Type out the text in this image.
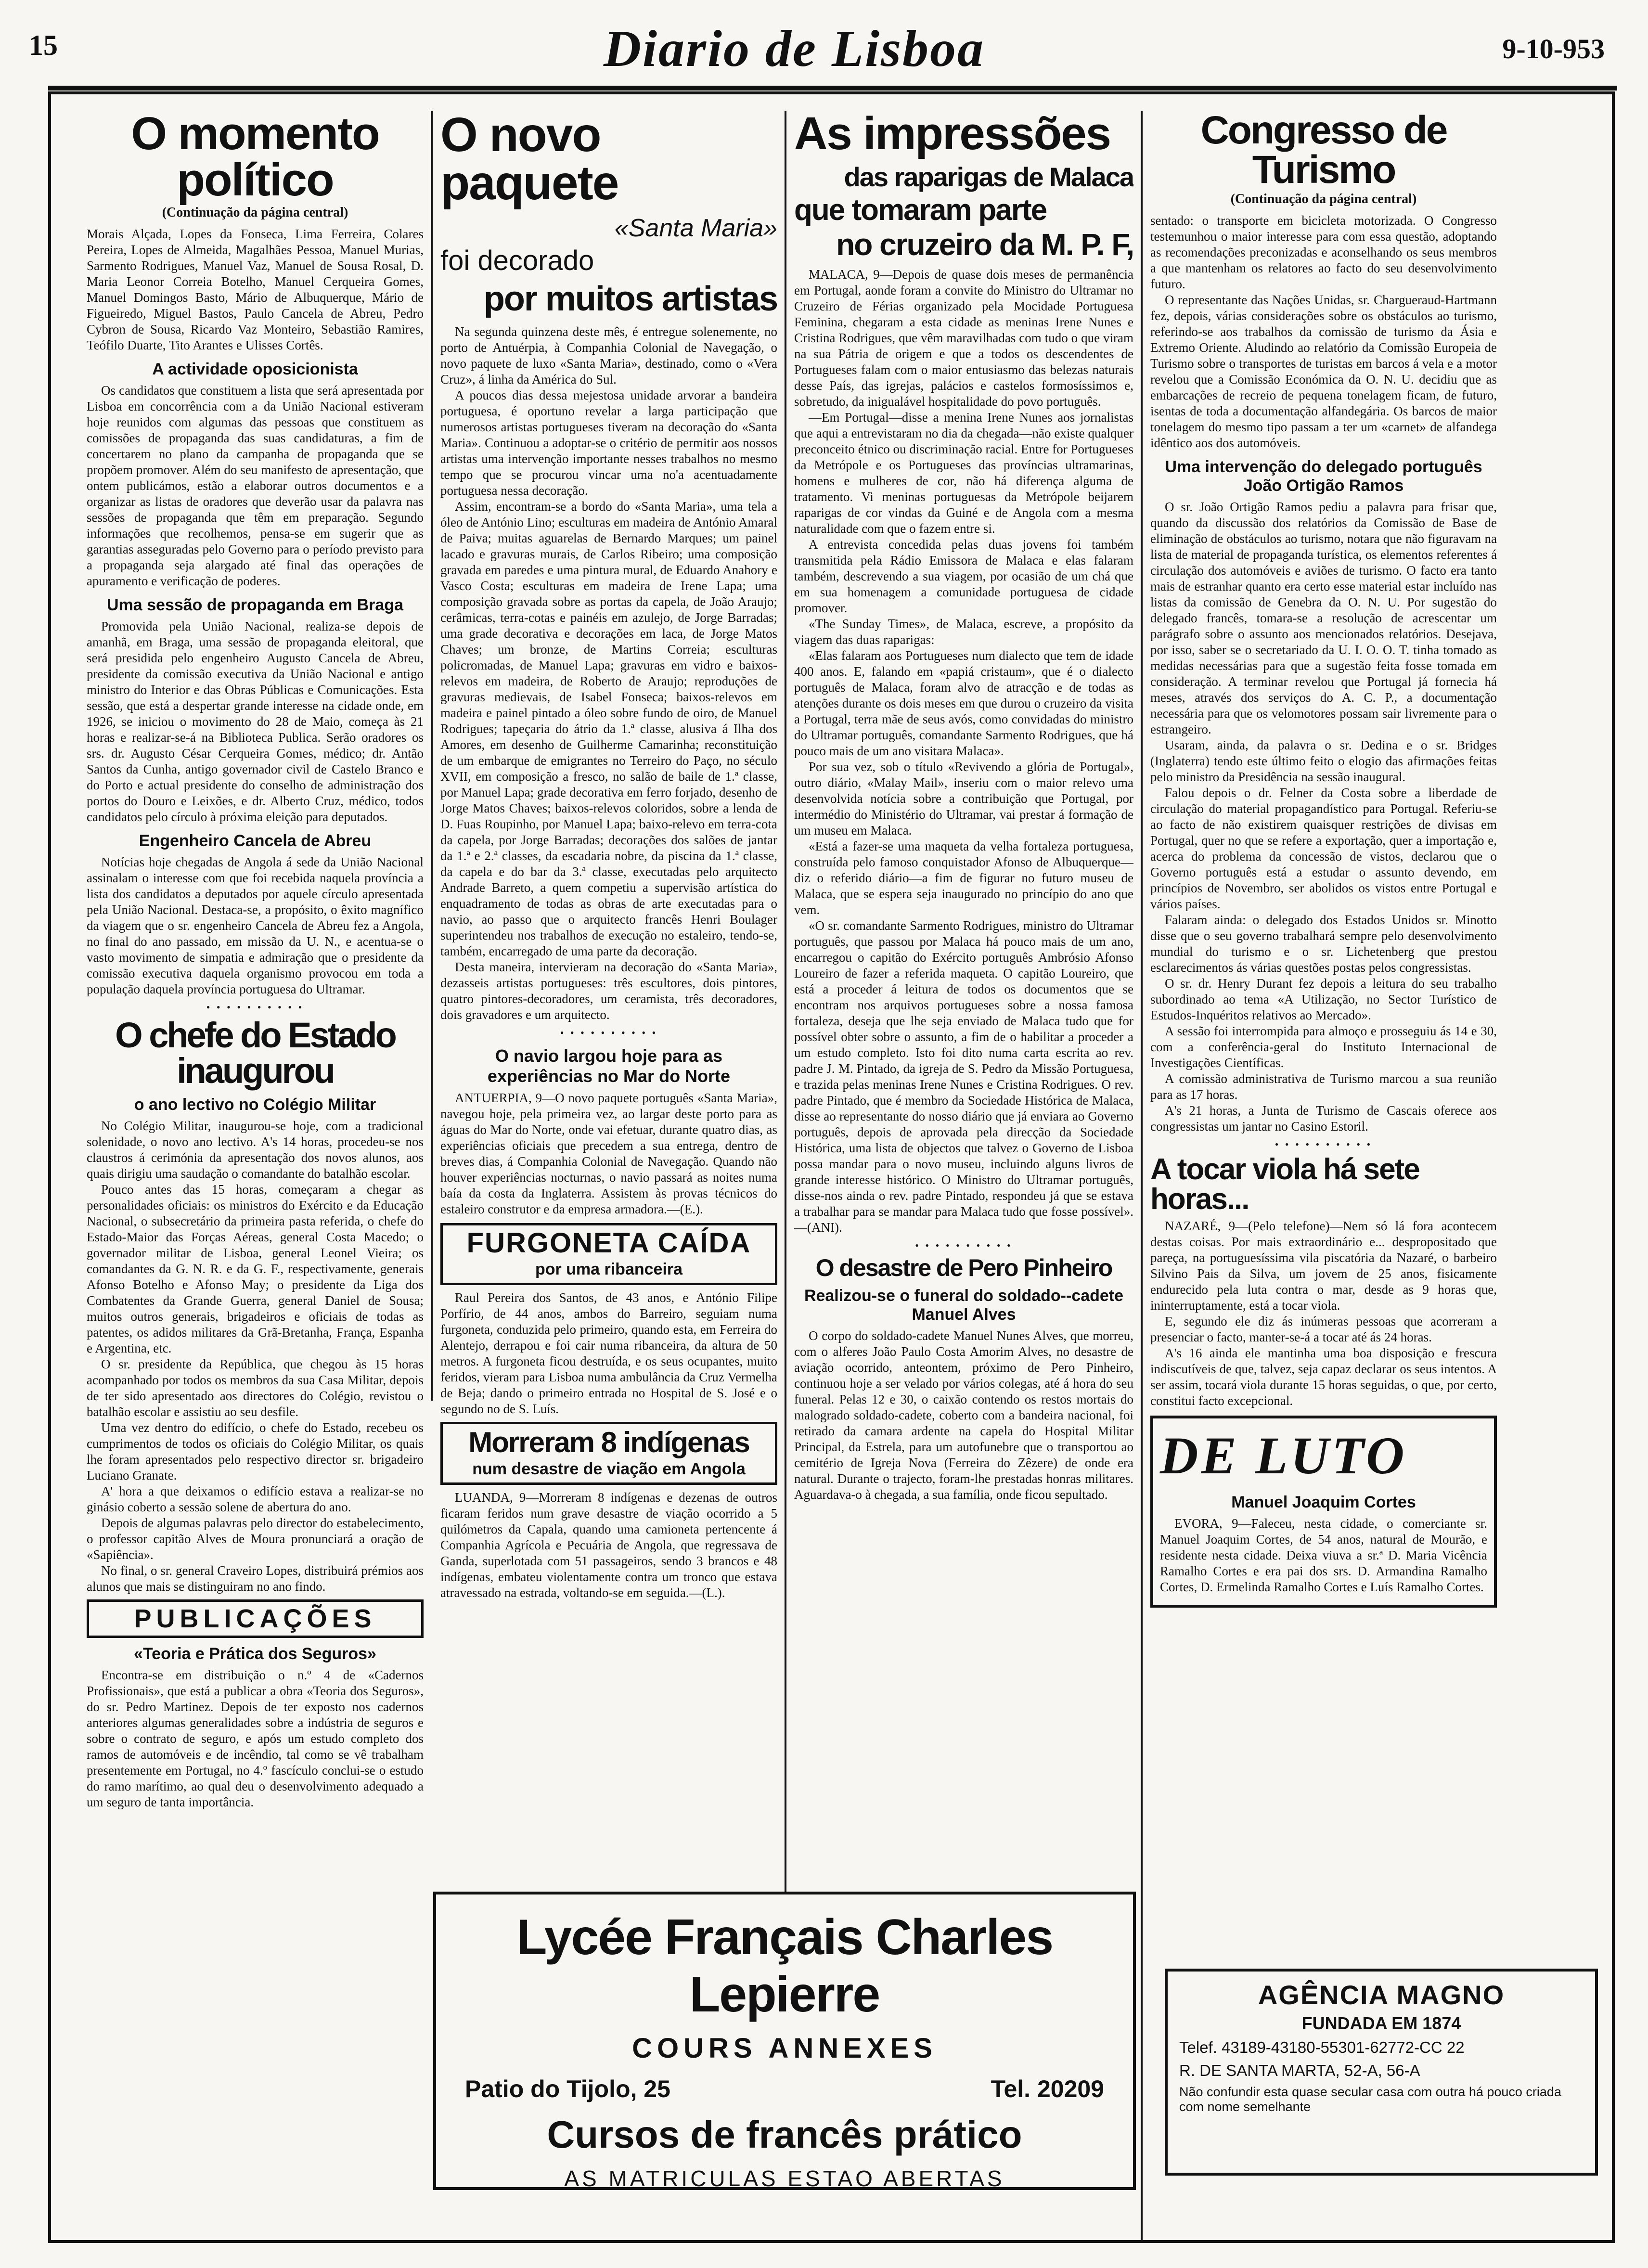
15	Diario de Lisboa	9-10-953
O momento político
(Continuação da página central)

Morais Alçada, Lopes da Fonseca, Lima Ferreira, Colares Pereira, Lopes de Almeida, Magalhães Pessoa, Manuel Murias, Sarmento Rodrigues, Manuel Vaz, Manuel de Sousa Rosal, D. Maria Leonor Correia Botelho, Manuel Cerqueira Gomes, Manuel Domingos Basto, Mário de Albuquerque, Mário de Figueiredo, Miguel Bastos, Paulo Cancela de Abreu, Pedro Cybron de Sousa, Ricardo Vaz Monteiro, Sebastião Ramires, Teófilo Duarte, Tito Arantes e Ulisses Cortês.

A actividade oposicionista

Os candidatos que constituem a lista que será apresentada por Lisboa em concorrência com a da União Nacional estiveram hoje reunidos com algumas das pessoas que constituem as comissões de propaganda das suas candidaturas, a fim de concertarem no plano da campanha de propaganda que se propõem promover. Além do seu manifesto de apresentação, que ontem publicámos, estão a elaborar outros documentos e a organizar as listas de oradores que deverão usar da palavra nas sessões de propaganda que têm em preparação. Segundo informações que recolhemos, pensa-se em sugerir que as garantias asseguradas pelo Governo para o período previsto para a propaganda seja alargado até final das operações de apuramento e verificação de poderes.

Uma sessão de propaganda em Braga

Promovida pela União Nacional, realiza-se depois de amanhã, em Braga, uma sessão de propaganda eleitoral, que será presidida pelo engenheiro Augusto Cancela de Abreu, presidente da comissão executiva da União Nacional e antigo ministro do Interior e das Obras Públicas e Comunicações. Esta sessão, que está a despertar grande interesse na cidade onde, em 1926, se iniciou o movimento do 28 de Maio, começa às 21 horas e realizar-se-á na Biblioteca Publica. Serão oradores os srs. dr. Augusto César Cerqueira Gomes, médico; dr. Antão Santos da Cunha, antigo governador civil de Castelo Branco e do Porto e actual presidente do conselho de administração dos portos do Douro e Leixões, e dr. Alberto Cruz, médico, todos candidatos pelo círculo à próxima eleição para deputados.

Engenheiro Cancela de Abreu

Notícias hoje chegadas de Angola á sede da União Nacional assinalam o interesse com que foi recebida naquela província a lista dos candidatos a deputados por aquele círculo apresentada pela União Nacional. Destaca-se, a propósito, o êxito magnífico da viagem que o sr. engenheiro Cancela de Abreu fez a Angola, no final do ano passado, em missão da U. N., e acentua-se o vasto movimento de simpatia e admiração que o presidente da comissão executiva daquela organismo provocou em toda a população daquela província portuguesa do Ultramar.

• • • • • • • • • •
O chefe do Estado inaugurou
o ano lectivo no Colégio Militar

No Colégio Militar, inaugurou-se hoje, com a tradicional solenidade, o novo ano lectivo. A's 14 horas, procedeu-se nos claustros á cerimónia da apresentação dos novos alunos, aos quais dirigiu uma saudação o comandante do batalhão escolar.

Pouco antes das 15 horas, começaram a chegar as personalidades oficiais: os ministros do Exército e da Educação Nacional, o subsecretário da primeira pasta referida, o chefe do Estado-Maior das Forças Aéreas, general Costa Macedo; o governador militar de Lisboa, general Leonel Vieira; os comandantes da G. N. R. e da G. F., respectivamente, generais Afonso Botelho e Afonso May; o presidente da Liga dos Combatentes da Grande Guerra, general Daniel de Sousa; muitos outros generais, brigadeiros e oficiais de todas as patentes, os adidos militares da Grã-Bretanha, França, Espanha e Argentina, etc.

O sr. presidente da República, que chegou às 15 horas acompanhado por todos os membros da sua Casa Militar, depois de ter sido apresentado aos directores do Colégio, revistou o batalhão escolar e assistiu ao seu desfile.

Uma vez dentro do edifício, o chefe do Estado, recebeu os cumprimentos de todos os oficiais do Colégio Militar, os quais lhe foram apresentados pelo respectivo director sr. brigadeiro Luciano Granate.

A' hora a que deixamos o edifício estava a realizar-se no ginásio coberto a sessão solene de abertura do ano.

Depois de algumas palavras pelo director do estabelecimento, o professor capitão Alves de Moura pronunciará a oração de «Sapiência».

No final, o sr. general Craveiro Lopes, distribuirá prémios aos alunos que mais se distinguiram no ano findo.

PUBLICAÇÕES
«Teoria e Prática dos Seguros»

Encontra-se em distribuição o n.º 4 de «Cadernos Profissionais», que está a publicar a obra «Teoria dos Seguros», do sr. Pedro Martinez. Depois de ter exposto nos cadernos anteriores algumas generalidades sobre a indústria de seguros e sobre o contrato de seguro, e após um estudo completo dos ramos de automóveis e de incêndio, tal como se vê trabalham presentemente em Portugal, no 4.º fascículo conclui-se o estudo do ramo marítimo, ao qual deu o desenvolvimento adequado a um seguro de tanta importância.

O novo paquete
«Santa Maria»
foi decorado
por muitos artistas

Na segunda quinzena deste mês, é entregue solenemente, no porto de Antuérpia, à Companhia Colonial de Navegação, o novo paquete de luxo «Santa Maria», destinado, como o «Vera Cruz», á linha da América do Sul.

A poucos dias dessa mejestosa unidade arvorar a bandeira portuguesa, é oportuno revelar a larga participação que numerosos artistas portugueses tiveram na decoração do «Santa Maria». Continuou a adoptar-se o critério de permitir aos nossos artistas uma intervenção importante nesses trabalhos no mesmo tempo que se procurou vincar uma no'a acentuadamente portuguesa nessa decoração.

Assim, encontram-se a bordo do «Santa Maria», uma tela a óleo de António Lino; esculturas em madeira de António Amaral de Paiva; muitas aguarelas de Bernardo Marques; um painel lacado e gravuras murais, de Carlos Ribeiro; uma composição gravada em paredes e uma pintura mural, de Eduardo Anahory e Vasco Costa; esculturas em madeira de Irene Lapa; uma composição gravada sobre as portas da capela, de João Araujo; cerâmicas, terra-cotas e painéis em azulejo, de Jorge Barradas; uma grade decorativa e decorações em laca, de Jorge Matos Chaves; um bronze, de Martins Correia; esculturas policromadas, de Manuel Lapa; gravuras em vidro e baixos-relevos em madeira, de Roberto de Araujo; reproduções de gravuras medievais, de Isabel Fonseca; baixos-relevos em madeira e painel pintado a óleo sobre fundo de oiro, de Manuel Rodrigues; tapeçaria do átrio da 1.ª classe, alusiva á Ilha dos Amores, em desenho de Guilherme Camarinha; reconstituição de um embarque de emigrantes no Terreiro do Paço, no século XVII, em composição a fresco, no salão de baile de 1.ª classe, por Manuel Lapa; grade decorativa em ferro forjado, desenho de Jorge Matos Chaves; baixos-relevos coloridos, sobre a lenda de D. Fuas Roupinho, por Manuel Lapa; baixo-relevo em terra-cota da capela, por Jorge Barradas; decorações dos salões de jantar da 1.ª e 2.ª classes, da escadaria nobre, da piscina da 1.ª classe, da capela e do bar da 3.ª classe, executadas pelo arquitecto Andrade Barreto, a quem competiu a supervisão artística do enquadramento de todas as obras de arte executadas para o navio, ao passo que o arquitecto francês Henri Boulager superintendeu nos trabalhos de execução no estaleiro, tendo-se, também, encarregado de uma parte da decoração.

Desta maneira, intervieram na decoração do «Santa Maria», dezasseis artistas portugueses: três escultores, dois pintores, quatro pintores-decoradores, um ceramista, três decoradores, dois gravadores e um arquitecto.

• • • • • • • • • •
O navio largou hoje para as experiências no Mar do Norte

ANTUERPIA, 9—O novo paquete português «Santa Maria», navegou hoje, pela primeira vez, ao largar deste porto para as águas do Mar do Norte, onde vai efetuar, durante quatro dias, as experiências oficiais que precedem a sua entrega, dentro de breves dias, á Companhia Colonial de Navegação. Quando não houver experiências nocturnas, o navio passará as noites numa baía da costa da Inglaterra. Assistem às provas técnicos do estaleiro construtor e da empresa armadora.—(E.).

FURGONETA CAÍDA
por uma ribanceira

Raul Pereira dos Santos, de 43 anos, e António Filipe Porfírio, de 44 anos, ambos do Barreiro, seguiam numa furgoneta, conduzida pelo primeiro, quando esta, em Ferreira do Alentejo, derrapou e foi cair numa ribanceira, da altura de 50 metros. A furgoneta ficou destruída, e os seus ocupantes, muito feridos, vieram para Lisboa numa ambulância da Cruz Vermelha de Beja; dando o primeiro entrada no Hospital de S. José e o segundo no de S. Luís.

Morreram 8 indígenas
num desastre de viação em Angola

LUANDA, 9—Morreram 8 indígenas e dezenas de outros ficaram feridos num grave desastre de viação ocorrido a 5 quilómetros da Capala, quando uma camioneta pertencente á Companhia Agrícola e Pecuária de Angola, que regressava de Ganda, superlotada com 51 passageiros, sendo 3 brancos e 48 indígenas, embateu violentamente contra um tronco que estava atravessado na estrada, voltando-se em seguida.—(L.).

As impressões
das raparigas de Malaca
que tomaram parte
no cruzeiro da M. P. F,

MALACA, 9—Depois de quase dois meses de permanência em Portugal, aonde foram a convite do Ministro do Ultramar no Cruzeiro de Férias organizado pela Mocidade Portuguesa Feminina, chegaram a esta cidade as meninas Irene Nunes e Cristina Rodrigues, que vêm maravilhadas com tudo o que viram na sua Pátria de origem e que a todos os descendentes de Portugueses falam com o maior entusiasmo das belezas naturais desse País, das igrejas, palácios e castelos formosíssimos e, sobretudo, da inigualável hospitalidade do povo português.

—Em Portugal—disse a menina Irene Nunes aos jornalistas que aqui a entrevistaram no dia da chegada—não existe qualquer preconceito étnico ou discriminação racial. Entre for Portugueses da Metrópole e os Portugueses das províncias ultramarinas, homens e mulheres de cor, não há diferença alguma de tratamento. Vi meninas portuguesas da Metrópole beijarem raparigas de cor vindas da Guiné e de Angola com a mesma naturalidade com que o fazem entre si.

A entrevista concedida pelas duas jovens foi também transmitida pela Rádio Emissora de Malaca e elas falaram também, descrevendo a sua viagem, por ocasião de um chá que em sua homenagem a comunidade portuguesa de cidade promover.

«The Sunday Times», de Malaca, escreve, a propósito da viagem das duas raparigas:

«Elas falaram aos Portugueses num dialecto que tem de idade 400 anos. E, falando em «papiá cristaum», que é o dialecto português de Malaca, foram alvo de atracção e de todas as atenções durante os dois meses em que durou o cruzeiro da visita a Portugal, terra mãe de seus avós, como convidadas do ministro do Ultramar português, comandante Sarmento Rodrigues, que há pouco mais de um ano visitara Malaca».

Por sua vez, sob o título «Revivendo a glória de Portugal», outro diário, «Malay Mail», inseriu com o maior relevo uma desenvolvida notícia sobre a contribuição que Portugal, por intermédio do Ministério do Ultramar, vai prestar á formação de um museu em Malaca.

«Está a fazer-se uma maqueta da velha fortaleza portuguesa, construída pelo famoso conquistador Afonso de Albuquerque—diz o referido diário—a fim de figurar no futuro museu de Malaca, que se espera seja inaugurado no princípio do ano que vem.

«O sr. comandante Sarmento Rodrigues, ministro do Ultramar português, que passou por Malaca há pouco mais de um ano, encarregou o capitão do Exército português Ambrósio Afonso Loureiro de fazer a referida maqueta. O capitão Loureiro, que está a proceder á leitura de todos os documentos que se encontram nos arquivos portugueses sobre a nossa famosa fortaleza, deseja que lhe seja enviado de Malaca tudo que for possível obter sobre o assunto, a fim de o habilitar a proceder a um estudo completo. Isto foi dito numa carta escrita ao rev. padre J. M. Pintado, da igreja de S. Pedro da Missão Portuguesa, e trazida pelas meninas Irene Nunes e Cristina Rodrigues. O rev. padre Pintado, que é membro da Sociedade Histórica de Malaca, disse ao representante do nosso diário que já enviara ao Governo português, depois de aprovada pela direcção da Sociedade Histórica, uma lista de objectos que talvez o Governo de Lisboa possa mandar para o novo museu, incluindo alguns livros de grande interesse histórico. O Ministro do Ultramar português, disse-nos ainda o rev. padre Pintado, respondeu já que se estava a trabalhar para se mandar para Malaca tudo que fosse possível».—(ANI).

• • • • • • • • • •
O desastre de Pero Pinheiro
Realizou-se o funeral do soldado--cadete Manuel Alves

O corpo do soldado-cadete Manuel Nunes Alves, que morreu, com o alferes João Paulo Costa Amorim Alves, no desastre de aviação ocorrido, anteontem, próximo de Pero Pinheiro, continuou hoje a ser velado por vários colegas, até á hora do seu funeral. Pelas 12 e 30, o caixão contendo os restos mortais do malogrado soldado-cadete, coberto com a bandeira nacional, foi retirado da camara ardente na capela do Hospital Militar Principal, da Estrela, para um autofunebre que o transportou ao cemitério de Igreja Nova (Ferreira do Zêzere) de onde era natural. Durante o trajecto, foram-lhe prestadas honras militares. Aguardava-o à chegada, a sua família, onde ficou sepultado.

Congresso de Turismo
(Continuação da página central)

sentado: o transporte em bicicleta motorizada. O Congresso testemunhou o maior interesse para com essa questão, adoptando as recomendações preconizadas e aconselhando os seus membros a que mantenham os relatores ao facto do seu desenvolvimento futuro.

O representante das Nações Unidas, sr. Chargueraud-Hartmann fez, depois, várias considerações sobre os obstáculos ao turismo, referindo-se aos trabalhos da comissão de turismo da Ásia e Extremo Oriente. Aludindo ao relatório da Comissão Europeia de Turismo sobre o transportes de turistas em barcos á vela e a motor revelou que a Comissão Económica da O. N. U. decidiu que as embarcações de recreio de pequena tonelagem ficam, de futuro, isentas de toda a documentação alfandegária. Os barcos de maior tonelagem do mesmo tipo passam a ter um «carnet» de alfandega idêntico aos dos automóveis.

Uma intervenção do delegado português João Ortigão Ramos

O sr. João Ortigão Ramos pediu a palavra para frisar que, quando da discussão dos relatórios da Comissão de Base de eliminação de obstáculos ao turismo, notara que não figuravam na lista de material de propaganda turística, os elementos referentes á circulação dos automóveis e aviões de turismo. O facto era tanto mais de estranhar quanto era certo esse material estar incluído nas listas da comissão de Genebra da O. N. U. Por sugestão do delegado francês, tomara-se a resolução de acrescentar um parágrafo sobre o assunto aos mencionados relatórios. Desejava, por isso, saber se o secretariado da U. I. O. O. T. tinha tomado as medidas necessárias para que a sugestão feita fosse tomada em consideração. A terminar revelou que Portugal já fornecia há meses, através dos serviços do A. C. P., a documentação necessária para que os velomotores possam sair livremente para o estrangeiro.

Usaram, ainda, da palavra o sr. Dedina e o sr. Bridges (Inglaterra) tendo este último feito o elogio das afirmações feitas pelo ministro da Presidência na sessão inaugural.

Falou depois o dr. Felner da Costa sobre a liberdade de circulação do material propagandístico para Portugal. Referiu-se ao facto de não existirem quaisquer restrições de divisas em Portugal, quer no que se refere a exportação, quer a importação e, acerca do problema da concessão de vistos, declarou que o Governo português está a estudar o assunto devendo, em princípios de Novembro, ser abolidos os vistos entre Portugal e vários países.

Falaram ainda: o delegado dos Estados Unidos sr. Minotto disse que o seu governo trabalhará sempre pelo desenvolvimento mundial do turismo e o sr. Lichetenberg que prestou esclarecimentos ás várias questões postas pelos congressistas.

O sr. dr. Henry Durant fez depois a leitura do seu trabalho subordinado ao tema «A Utilização, no Sector Turístico de Estudos-Inquéritos relativos ao Mercado».

A sessão foi interrompida para almoço e prosseguiu ás 14 e 30, com a conferência-geral do Instituto Internacional de Investigações Científicas.

A comissão administrativa de Turismo marcou a sua reunião para as 17 horas.

A's 21 horas, a Junta de Turismo de Cascais oferece aos congressistas um jantar no Casino Estoril.

• • • • • • • • • •
A tocar viola há sete horas...

NAZARÉ, 9—(Pelo telefone)—Nem só lá fora acontecem destas coisas. Por mais extraordinário e... despropositado que pareça, na portuguesíssima vila piscatória da Nazaré, o barbeiro Silvino Pais da Silva, um jovem de 25 anos, fisicamente endurecido pela luta contra o mar, desde as 9 horas que, ininterruptamente, está a tocar viola.

E, segundo ele diz ás inúmeras pessoas que acorreram a presenciar o facto, manter-se-á a tocar até ás 24 horas.

A's 16 ainda ele mantinha uma boa disposição e frescura indiscutíveis de que, talvez, seja capaz declarar os seus intentos. A ser assim, tocará viola durante 15 horas seguidas, o que, por certo, constitui facto excepcional.

DE LUTO
Manuel Joaquim Cortes

EVORA, 9—Faleceu, nesta cidade, o comerciante sr. Manuel Joaquim Cortes, de 54 anos, natural de Mourão, e residente nesta cidade. Deixa viuva a sr.ª D. Maria Vicência Ramalho Cortes e era pai dos srs. D. Armandina Ramalho Cortes, D. Ermelinda Ramalho Cortes e Luís Ramalho Cortes.

Lycée Français Charles Lepierre
COURS ANNEXES
Patio do Tijolo, 25	Tel. 20209
Cursos de francês prático
AS MATRICULAS ESTAO ABERTAS
AGÊNCIA MAGNO
FUNDADA EM 1874
Telef. 43189-43180-55301-62772-CC 22
R. DE SANTA MARTA, 52-A, 56-A
Não confundir esta quase secular casa com outra há pouco criada com nome semelhante
